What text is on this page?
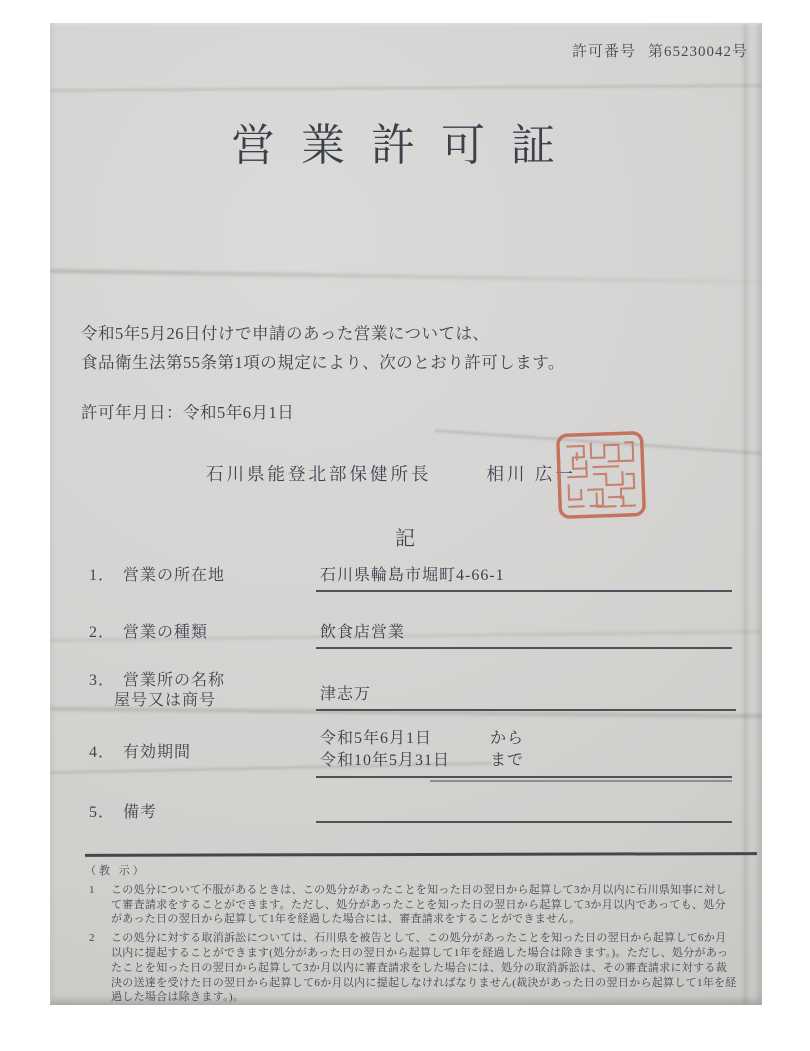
許可番号 第65230042号
営業許可証
令和5年5月26日付けで申請のあった営業については、
食品衛生法第55条第1項の規定により、次のとおり許可します。
許可年月日：令和5年6月1日
石川県能登北部保健所長	相川 広一
記
1． 営業の所在地	石川県輪島市堀町4-66-1
2． 営業の種類	飲食店営業
3． 営業所の名称
屋号又は商号	津志万
4． 有効期間
令和5年6月1日	から
令和10年5月31日 まで
5． 備考
（教 示）
1	この処分について不服があるときは、この処分があったことを知った日の翌日から起算して3か月以内に石川県知事に対して審査請求をすることができます。ただし、処分があったことを知った日の翌日から起算して3か月以内であっても、処分があった日の翌日から起算して1年を経過した場合には、審査請求をすることができません。
2	この処分に対する取消訴訟については、石川県を被告として、この処分があったことを知った日の翌日から起算して6か月以内に提起することができます(処分があった日の翌日から起算して1年を経過した場合は除きます。)。ただし、処分があったことを知った日の翌日から起算して3か月以内に審査請求をした場合には、処分の取消訴訟は、その審査請求に対する裁決の送達を受けた日の翌日から起算して6か月以内に提起しなければなりません(裁決があった日の翌日から起算して1年を経過した場合は除きます。)。
